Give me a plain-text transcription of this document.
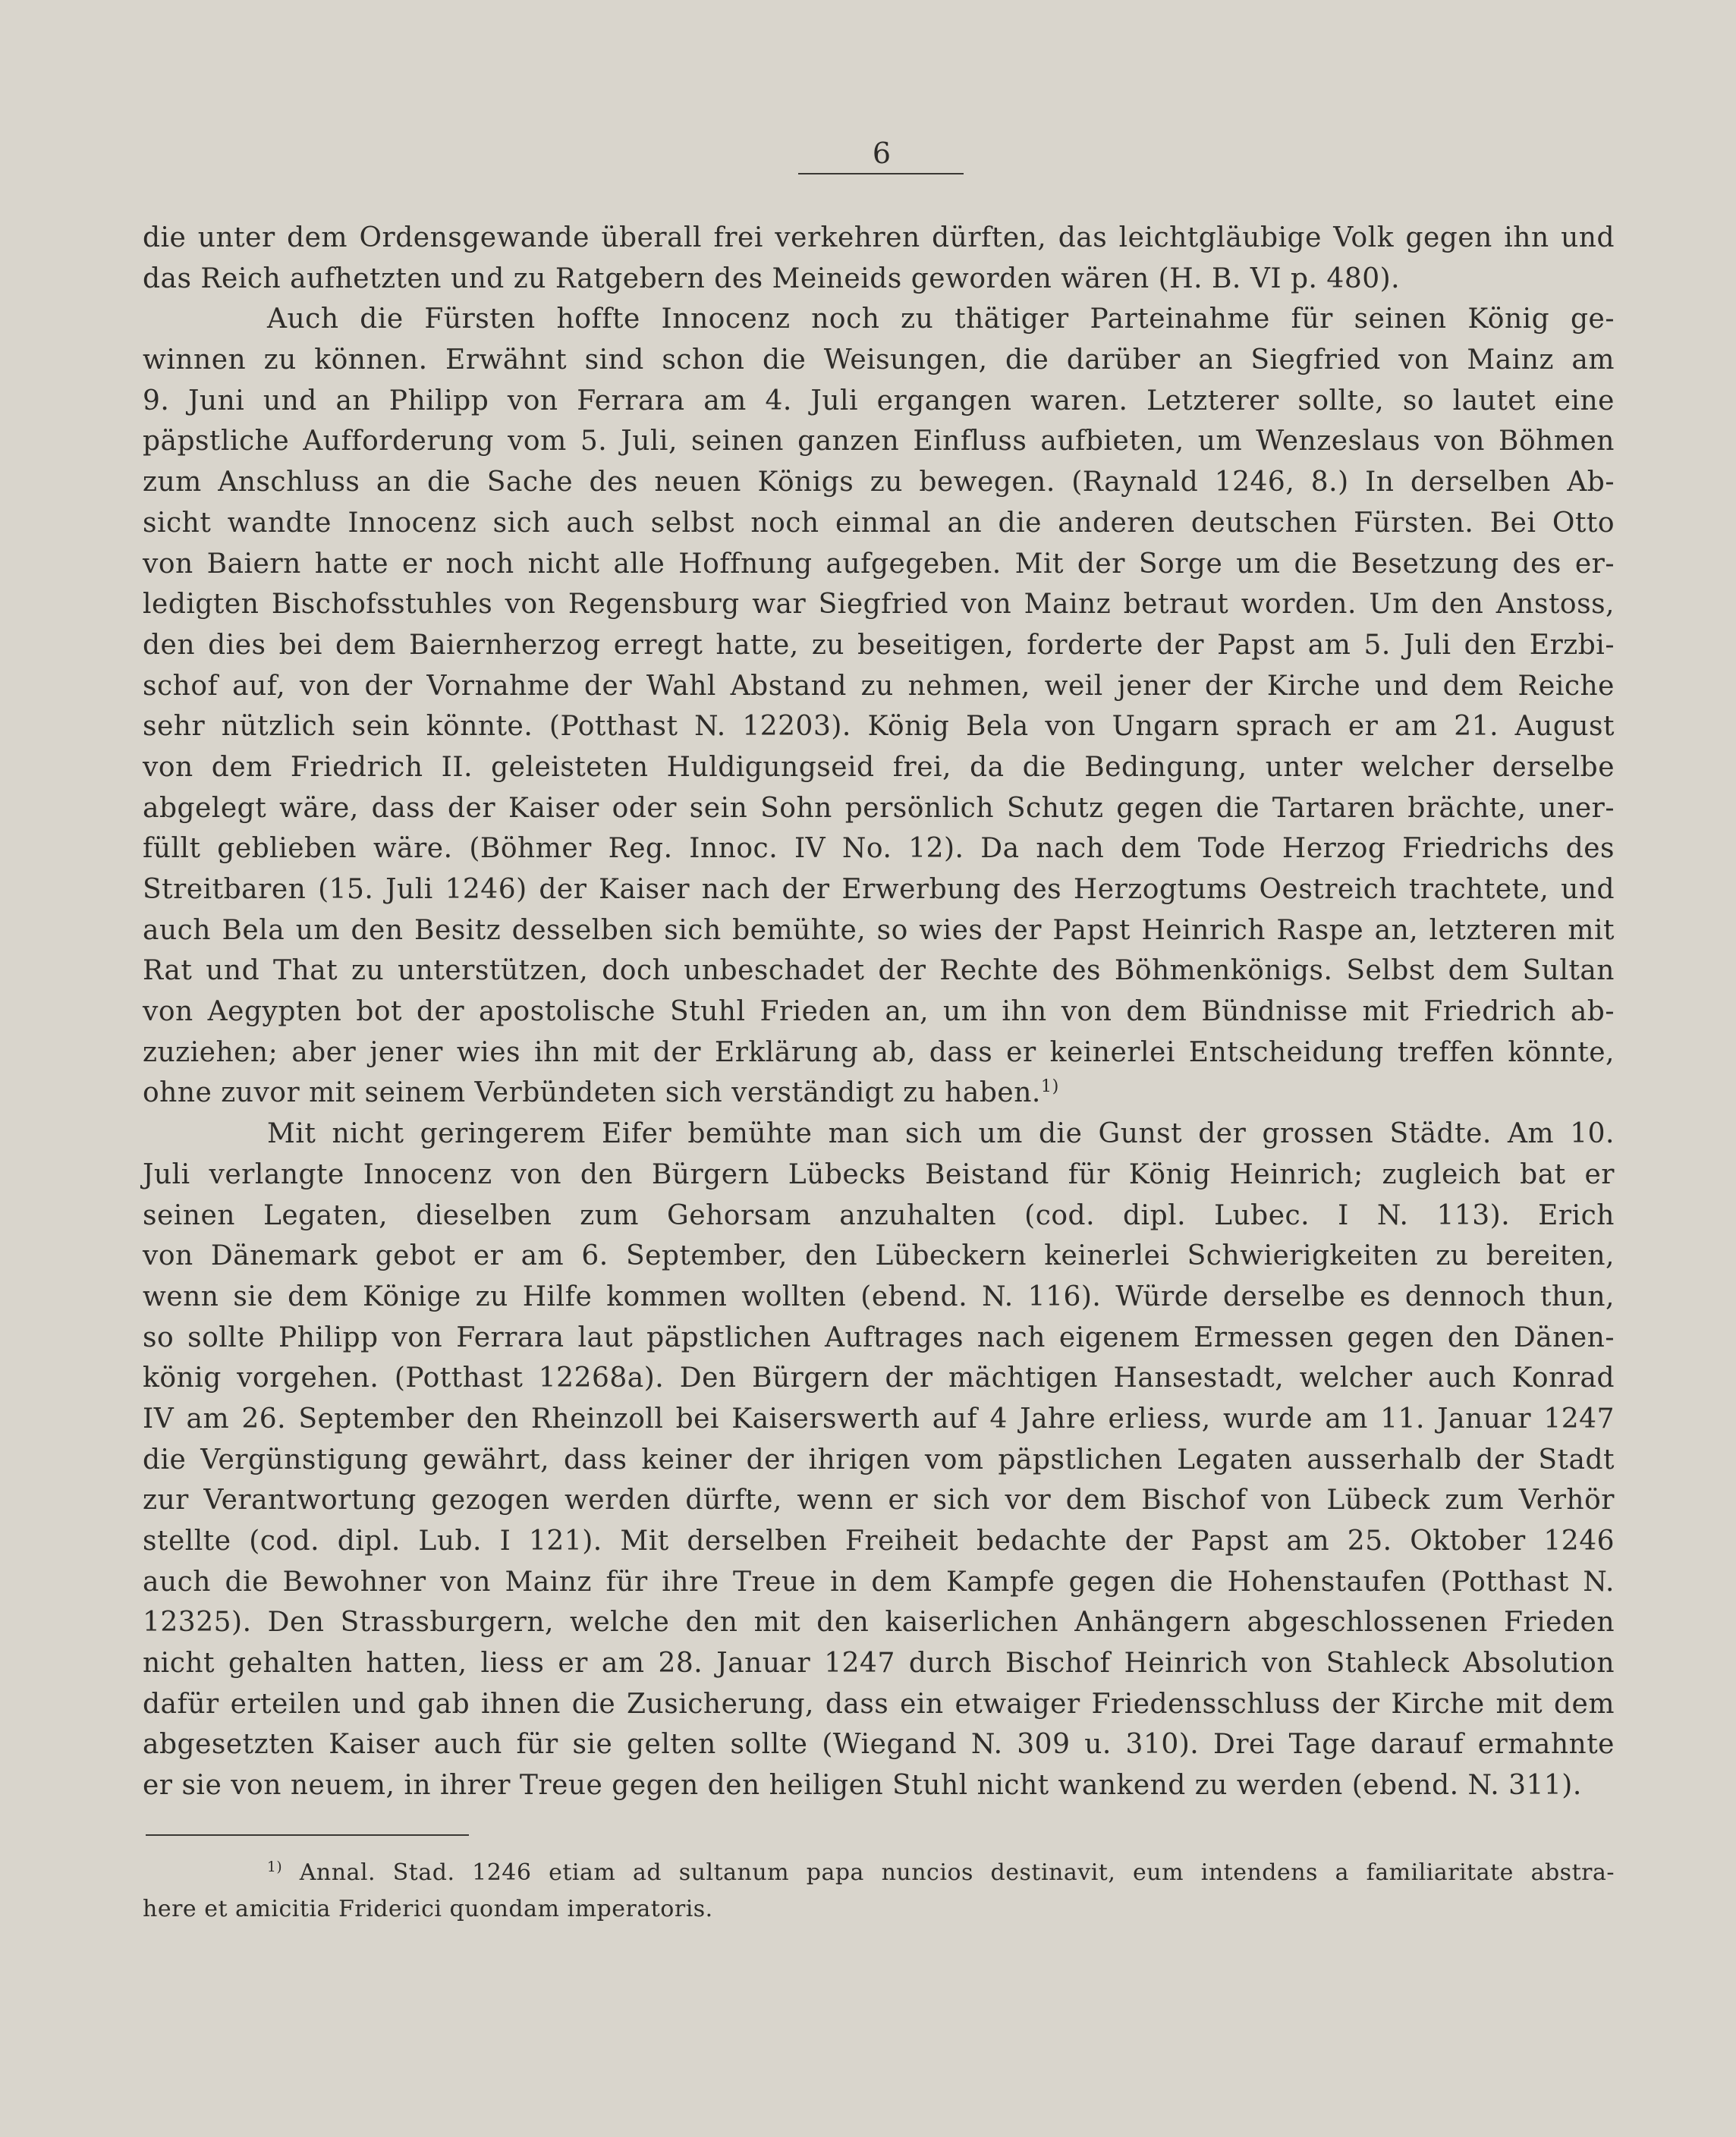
6
die unter dem Ordensgewande überall frei verkehren dürften, das leichtgläubige Volk gegen ihn und
das Reich aufhetzten und zu Ratgebern des Meineids geworden wären (H. B. VI p. 480).
Auch die Fürsten hoffte Innocenz noch zu thätiger Parteinahme für seinen König ge-
winnen zu können. Erwähnt sind schon die Weisungen, die darüber an Siegfried von Mainz am
9. Juni und an Philipp von Ferrara am 4. Juli ergangen waren. Letzterer sollte, so lautet eine
päpstliche Aufforderung vom 5. Juli, seinen ganzen Einfluss aufbieten, um Wenzeslaus von Böhmen
zum Anschluss an die Sache des neuen Königs zu bewegen. (Raynald 1246, 8.) In derselben Ab-
sicht wandte Innocenz sich auch selbst noch einmal an die anderen deutschen Fürsten. Bei Otto
von Baiern hatte er noch nicht alle Hoffnung aufgegeben. Mit der Sorge um die Besetzung des er-
ledigten Bischofsstuhles von Regensburg war Siegfried von Mainz betraut worden. Um den Anstoss,
den dies bei dem Baiernherzog erregt hatte, zu beseitigen, forderte der Papst am 5. Juli den Erzbi-
schof auf, von der Vornahme der Wahl Abstand zu nehmen, weil jener der Kirche und dem Reiche
sehr nützlich sein könnte. (Potthast N. 12203). König Bela von Ungarn sprach er am 21. August
von dem Friedrich II. geleisteten Huldigungseid frei, da die Bedingung, unter welcher derselbe
abgelegt wäre, dass der Kaiser oder sein Sohn persönlich Schutz gegen die Tartaren brächte, uner-
füllt geblieben wäre. (Böhmer Reg. Innoc. IV No. 12). Da nach dem Tode Herzog Friedrichs des
Streitbaren (15. Juli 1246) der Kaiser nach der Erwerbung des Herzogtums Oestreich trachtete, und
auch Bela um den Besitz desselben sich bemühte, so wies der Papst Heinrich Raspe an, letzteren mit
Rat und That zu unterstützen, doch unbeschadet der Rechte des Böhmenkönigs. Selbst dem Sultan
von Aegypten bot der apostolische Stuhl Frieden an, um ihn von dem Bündnisse mit Friedrich ab-
zuziehen; aber jener wies ihn mit der Erklärung ab, dass er keinerlei Entscheidung treffen könnte,
ohne zuvor mit seinem Verbündeten sich verständigt zu haben.$^{1)}$
Mit nicht geringerem Eifer bemühte man sich um die Gunst der grossen Städte. Am 10.
Juli verlangte Innocenz von den Bürgern Lübecks Beistand für König Heinrich; zugleich bat er
seinen Legaten, dieselben zum Gehorsam anzuhalten (cod. dipl. Lubec. I N. 113). Erich
von Dänemark gebot er am 6. September, den Lübeckern keinerlei Schwierigkeiten zu bereiten,
wenn sie dem Könige zu Hilfe kommen wollten (ebend. N. 116). Würde derselbe es dennoch thun,
so sollte Philipp von Ferrara laut päpstlichen Auftrages nach eigenem Ermessen gegen den Dänen-
könig vorgehen. (Potthast 12268a). Den Bürgern der mächtigen Hansestadt, welcher auch Konrad
IV am 26. September den Rheinzoll bei Kaiserswerth auf 4 Jahre erliess, wurde am 11. Januar 1247
die Vergünstigung gewährt, dass keiner der ihrigen vom päpstlichen Legaten ausserhalb der Stadt
zur Verantwortung gezogen werden dürfte, wenn er sich vor dem Bischof von Lübeck zum Verhör
stellte (cod. dipl. Lub. I 121). Mit derselben Freiheit bedachte der Papst am 25. Oktober 1246
auch die Bewohner von Mainz für ihre Treue in dem Kampfe gegen die Hohenstaufen (Potthast N.
12325). Den Strassburgern, welche den mit den kaiserlichen Anhängern abgeschlossenen Frieden
nicht gehalten hatten, liess er am 28. Januar 1247 durch Bischof Heinrich von Stahleck Absolution
dafür erteilen und gab ihnen die Zusicherung, dass ein etwaiger Friedensschluss der Kirche mit dem
abgesetzten Kaiser auch für sie gelten sollte (Wiegand N. 309 u. 310). Drei Tage darauf ermahnte
er sie von neuem, in ihrer Treue gegen den heiligen Stuhl nicht wankend zu werden (ebend. N. 311).
$^{1)}$ Annal. Stad. 1246 etiam ad sultanum papa nuncios destinavit, eum intendens a familiaritate abstra-
here et amicitia Friderici quondam imperatoris.
